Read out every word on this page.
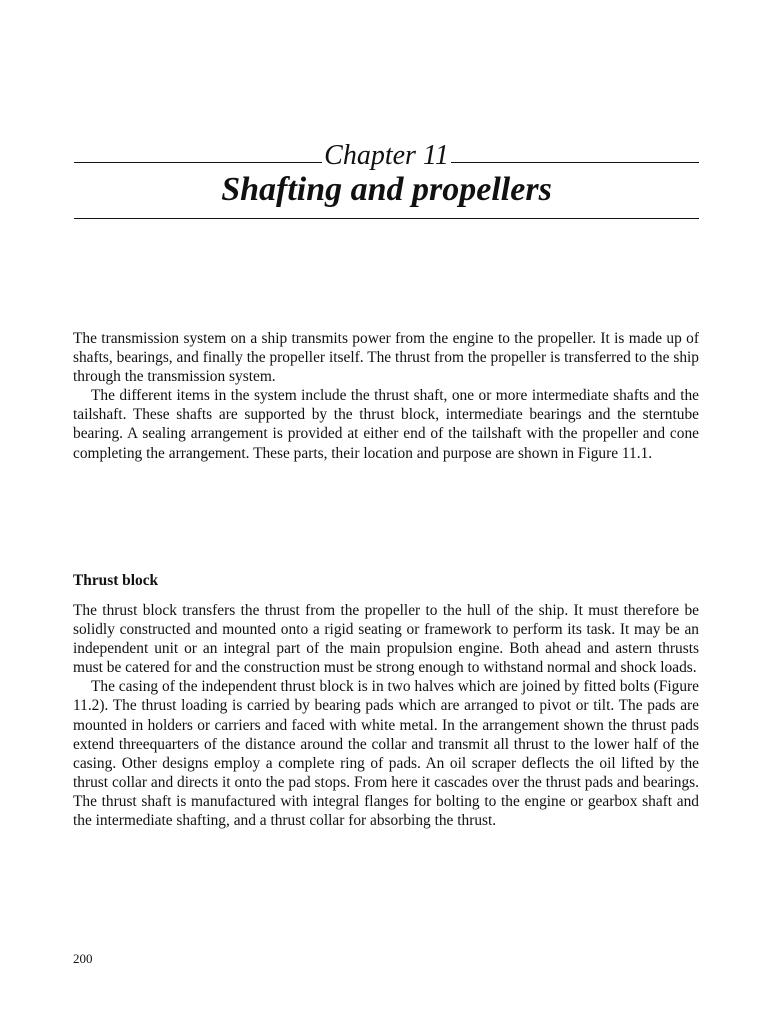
Chapter 11
Shafting and propellers

The transmission system on a ship transmits power from the engine to the propeller. It is made up of shafts, bearings, and finally the propeller itself. The thrust from the propeller is transferred to the ship through the transmission system.

The different items in the system include the thrust shaft, one or more intermediate shafts and the tailshaft. These shafts are supported by the thrust block, intermediate bearings and the sterntube bearing. A sealing arrangement is provided at either end of the tailshaft with the propeller and cone completing the arrangement. These parts, their location and purpose are shown in Figure 11.1.

Thrust block

The thrust block transfers the thrust from the propeller to the hull of the ship. It must therefore be solidly constructed and mounted onto a rigid seating or framework to perform its task. It may be an independent unit or an integral part of the main propulsion engine. Both ahead and astern thrusts must be catered for and the construction must be strong enough to withstand normal and shock loads.

The casing of the independent thrust block is in two halves which are joined by fitted bolts (Figure 11.2). The thrust loading is carried by bearing pads which are arranged to pivot or tilt. The pads are mounted in holders or carriers and faced with white metal. In the arrangement shown the thrust pads extend threequarters of the distance around the collar and transmit all thrust to the lower half of the casing. Other designs employ a complete ring of pads. An oil scraper deflects the oil lifted by the thrust collar and directs it onto the pad stops. From here it cascades over the thrust pads and bearings. The thrust shaft is manufactured with integral flanges for bolting to the engine or gearbox shaft and the intermediate shafting, and a thrust collar for absorbing the thrust.

200
